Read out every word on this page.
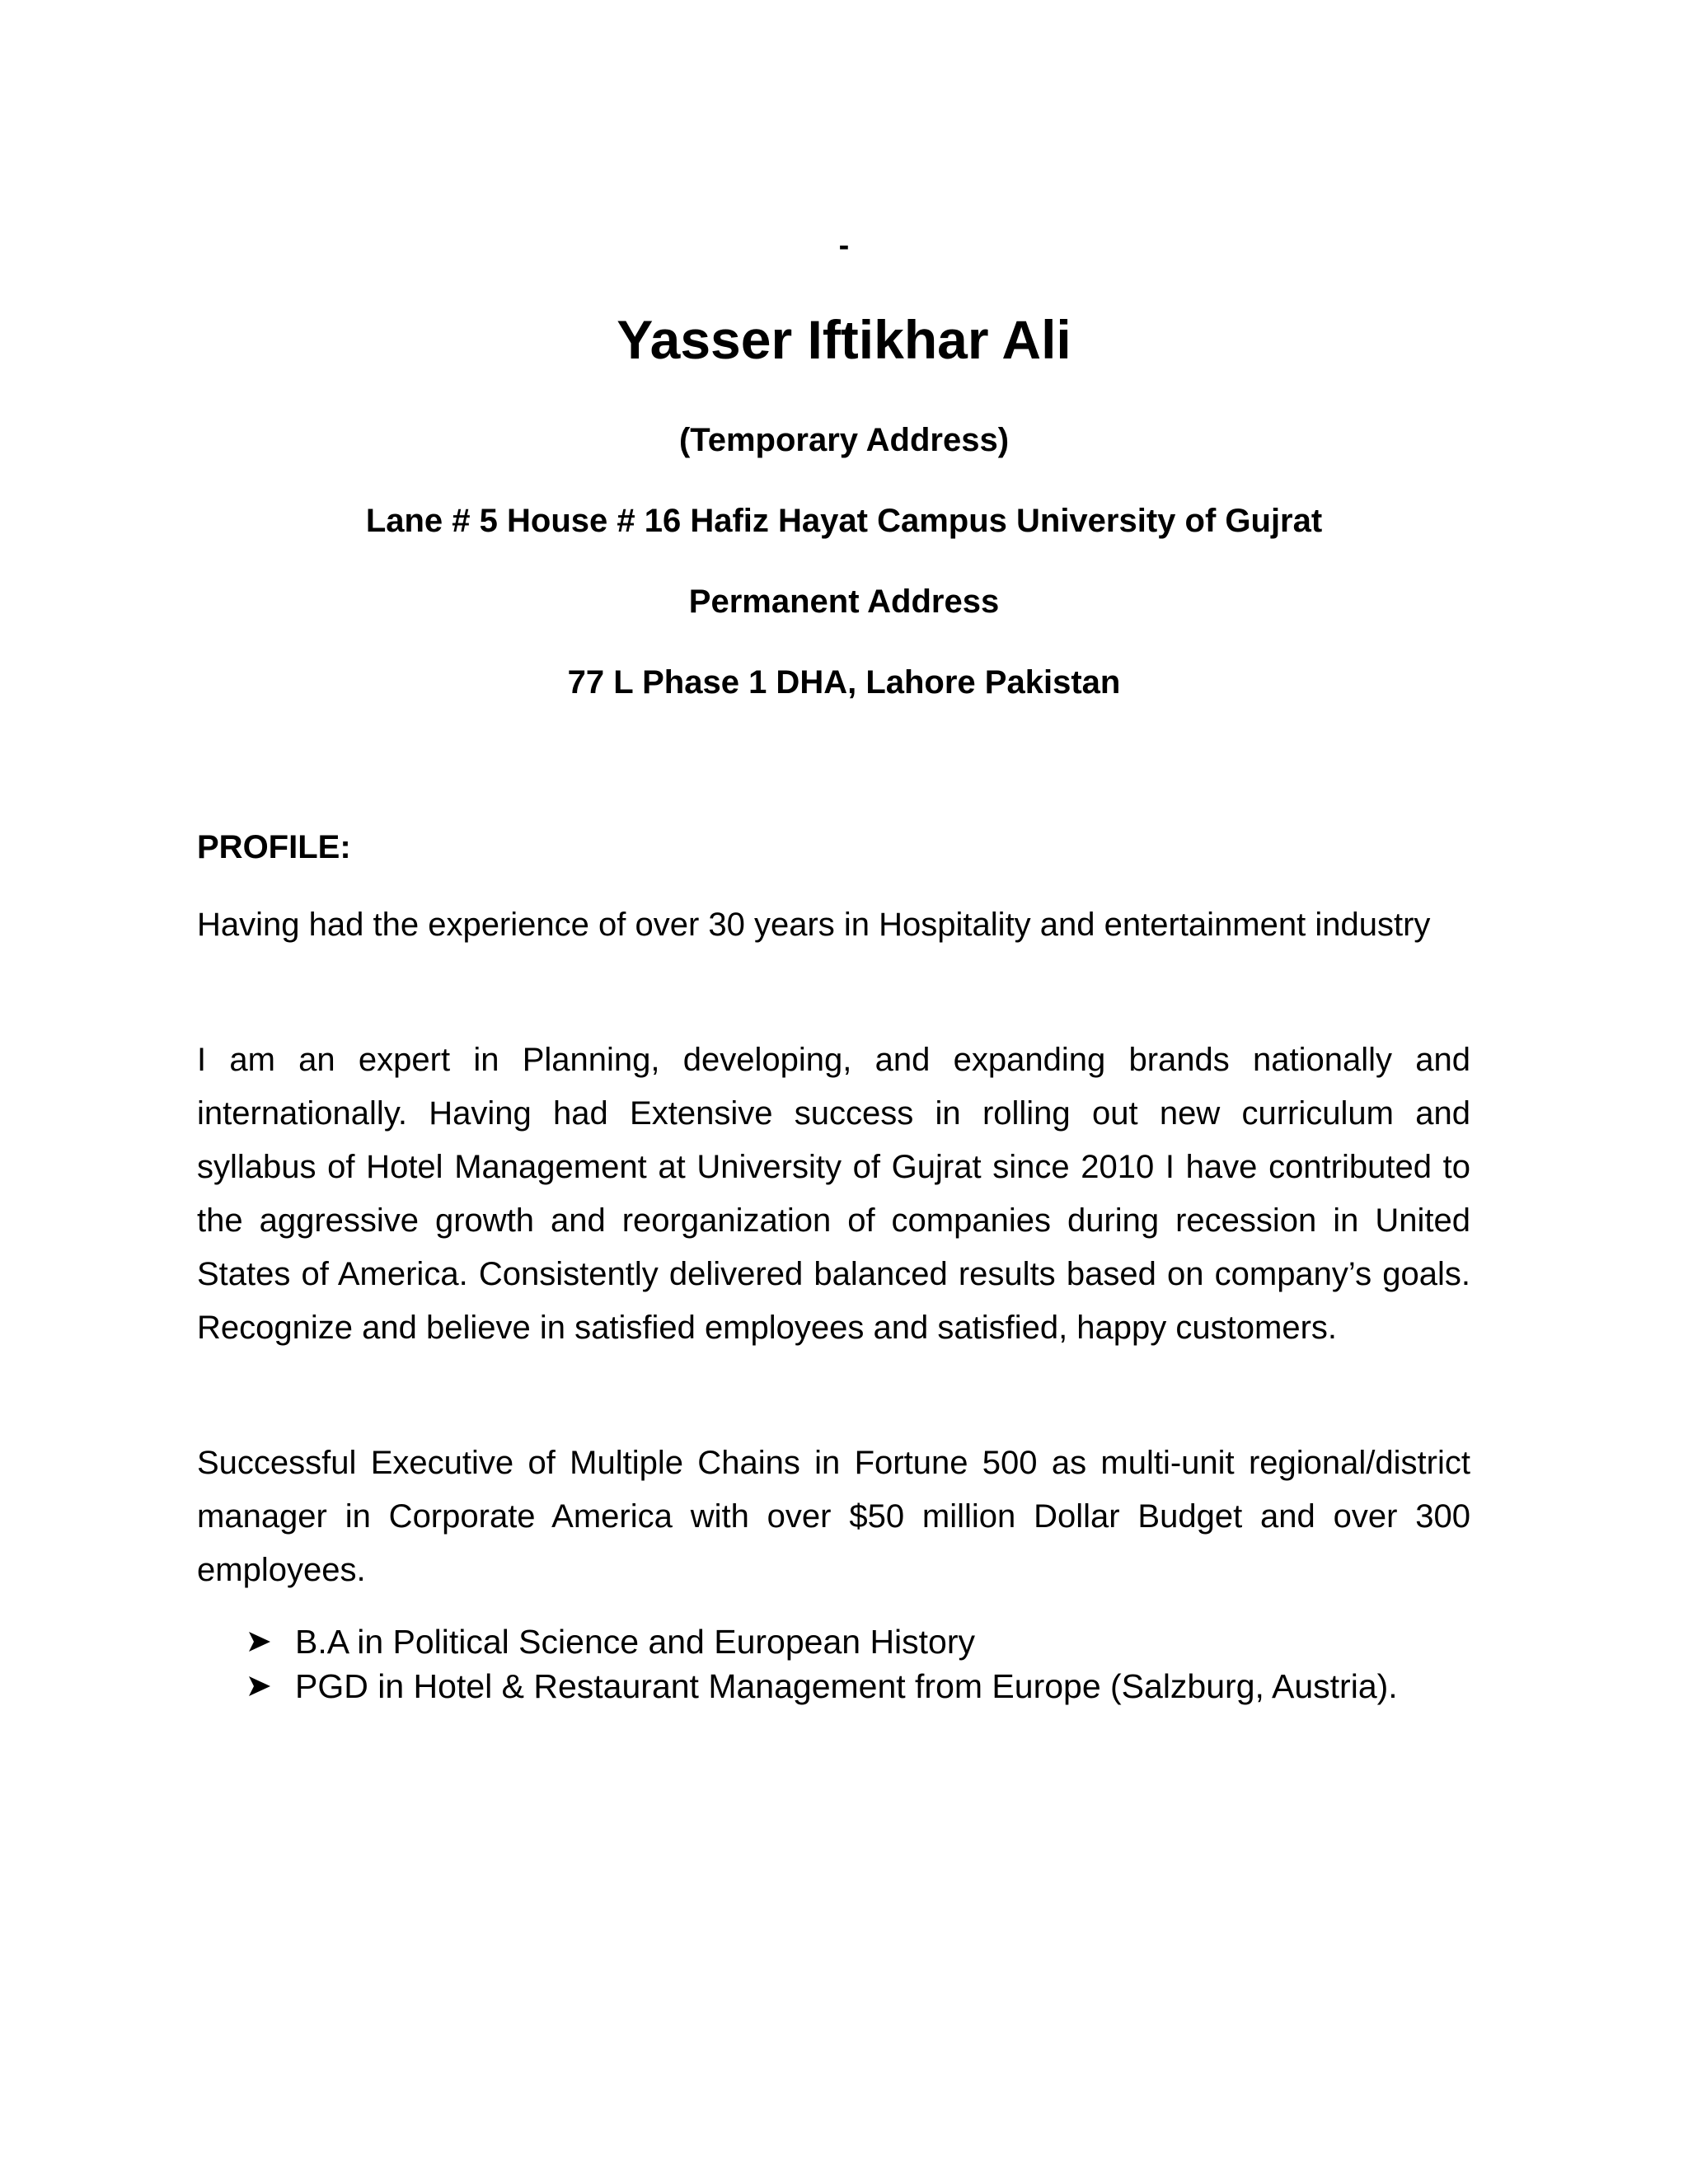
-
Yasser Iftikhar Ali
(Temporary Address)
Lane # 5 House # 16 Hafiz Hayat Campus University of Gujrat
Permanent Address
77 L Phase 1 DHA, Lahore Pakistan
PROFILE:

Having had the experience of over 30 years in Hospitality and entertainment industry

I am an expert in Planning, developing, and expanding brands nationally and internationally. Having had Extensive success in rolling out new curriculum and syllabus of Hotel Management at University of Gujrat since 2010 I have contributed to the aggressive growth and reorganization of companies during recession in United States of America. Consistently delivered balanced results based on company’s goals. Recognize and believe in satisfied employees and satisfied, happy customers.

Successful Executive of Multiple Chains in Fortune 500 as multi-unit regional/district manager in Corporate America with over $50 million Dollar Budget and over 300 employees.

B.A in Political Science and European History
PGD in Hotel & Restaurant Management from Europe (Salzburg, Austria).
